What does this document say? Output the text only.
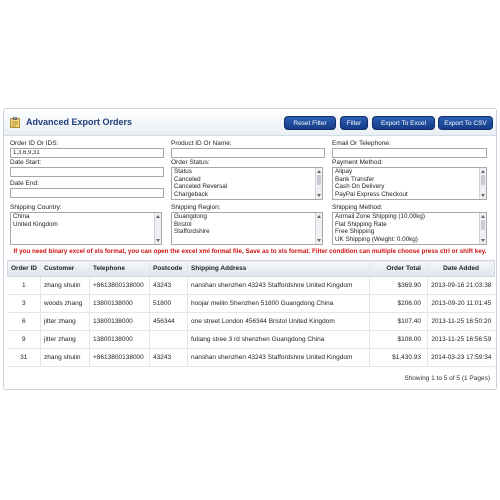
Advanced Export Orders	Reset Filter	Filter	Export To Excel	Export To CSV
Order ID Or IDS:
1,3,6,9,31	Product ID Or Name:	Email Or Telephone:
Date Start:
Date End:
Order Status:
Status
Canceled
Canceled Reversal
Chargeback
Payment Method:
Alipay
Bank Transfer
Cash On Delivery
PayPal Express Checkout
Shipping Country:
China
United Kingdom
Shipping Region:
Guangdong
Bristol
Staffordshire
Shipping Method:
Airmail Zone Shipping (10.00kg)
Flat Shipping Rate
Free Shipping
UK Shipping (Weight: 0.00kg)
If you need binary excel of xls format, you can open the excel xml format file, Save as to xls format. Filter condition can multiple choose press ctrl or shift key.
Order ID	Customer	Telephone	Postcode	Shipping Address	Order Total	Date Added
1	zhang shulin	+8613800138000	43243	nanshan shenzhen 43243 Staffordshire United Kingdom	$369.90	2013-09-16 21:03:38
3	woods zhang	13800138000	51800	hoojar meilin Shenzhen 51800 Guangdong China	$206.00	2013-09-20 11:01:45
6	jitter zhang	13800138000	456344	one street London 456344 Bristol United Kingdom	$107.40	2013-11-25 16:50:20
9	jitter zhang	13800138000		futiang stree 3 rd shenzhen Guangdong China	$108.00	2013-11-25 16:56:59
31	zhang shulin	+8613800138000	43243	nanshan shenzhen 43243 Staffordshire United Kingdom	$1,430.93	2014-03-23 17:59:34
Showing 1 to 5 of 5 (1 Pages)
